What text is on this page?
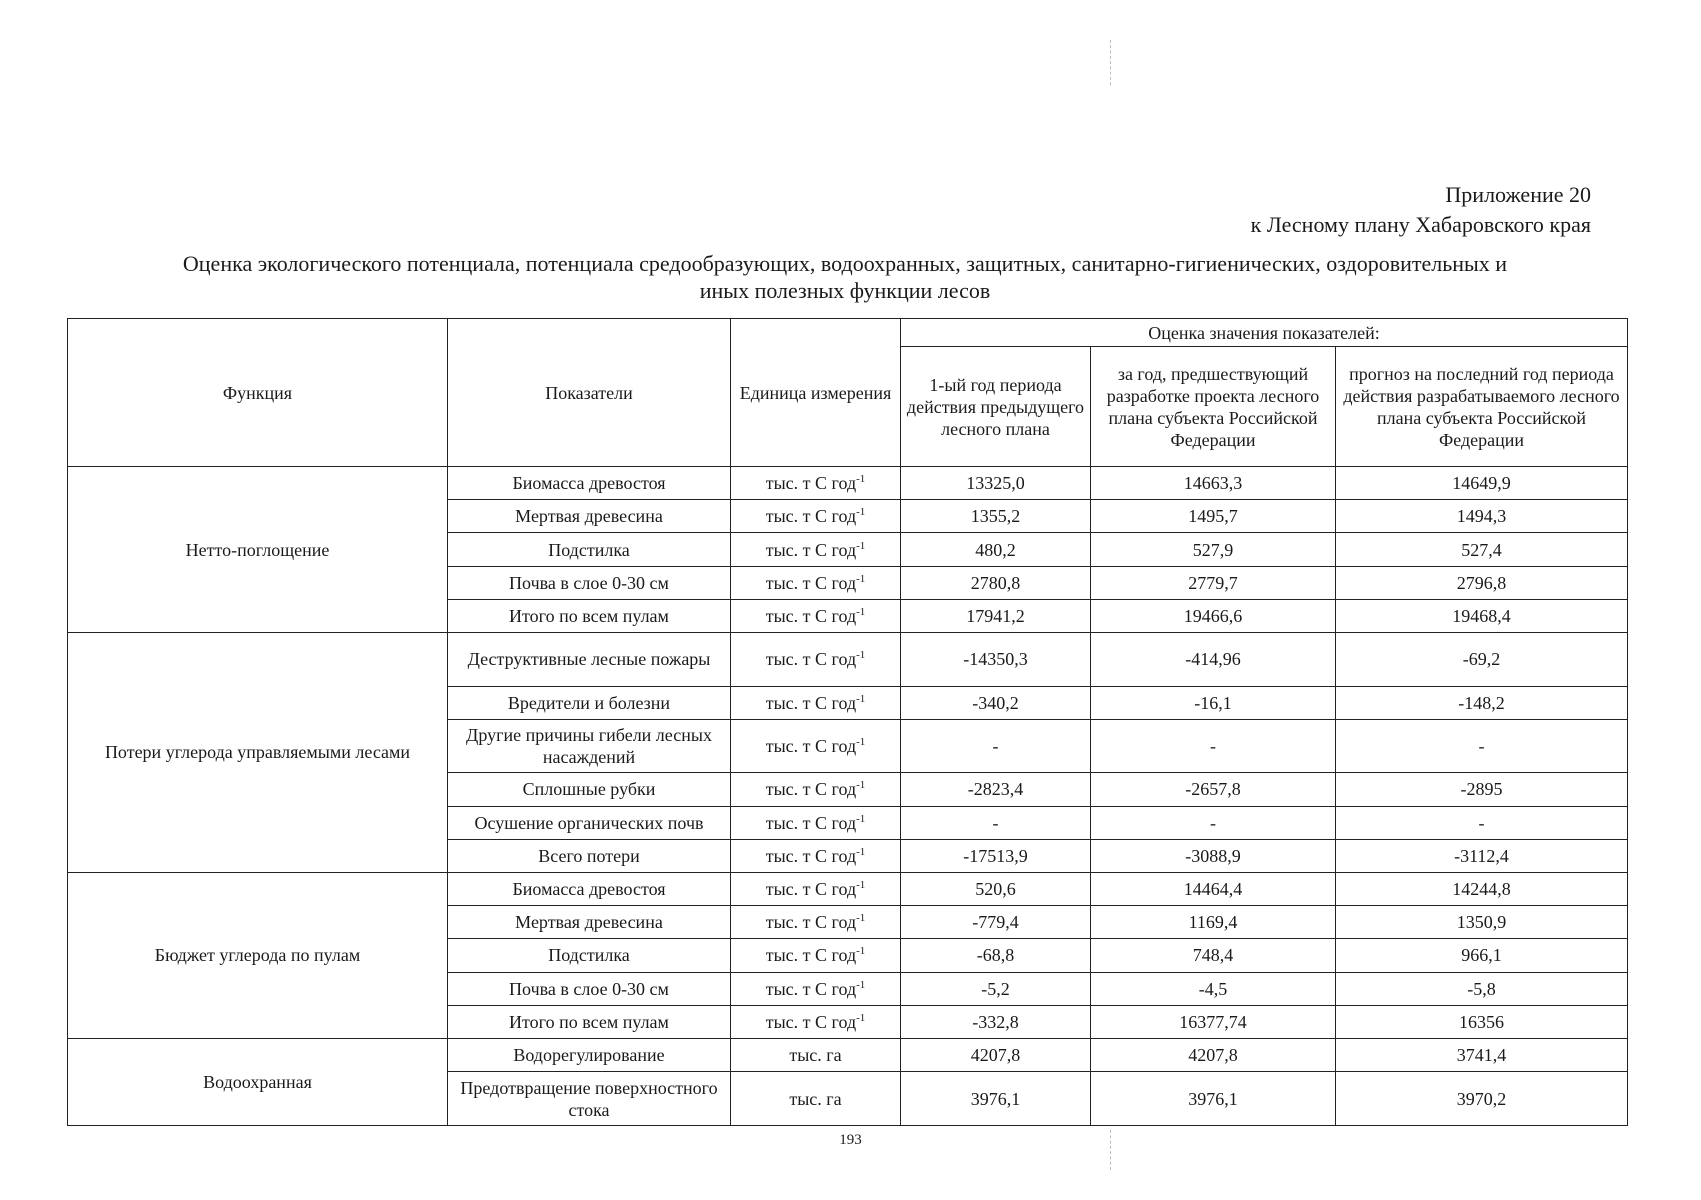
Приложение 20
к Лесному плану Хабаровского края
Оценка экологического потенциала, потенциала средообразующих, водоохранных, защитных, санитарно-гигиенических, оздоровительных и
иных полезных функции лесов
Функция	Показатели	Единица измерения	Оценка значения показателей:		
			1-ый год периода действия предыдущего лесного плана	за год, предшествующий разработке проекта лесного плана субъекта Российской Федерации	прогноз на последний год периода действия разрабатываемого лесного плана субъекта Российской Федерации
Нетто-поглощение	Биомасса древостоя	тыс. т С год$^{-1}$	13325,0	14663,3	14649,9
	Мертвая древесина	тыс. т С год$^{-1}$	1355,2	1495,7	1494,3
	Подстилка	тыс. т С год$^{-1}$	480,2	527,9	527,4
	Почва в слое 0-30 см	тыс. т С год$^{-1}$	2780,8	2779,7	2796,8
	Итого по всем пулам	тыс. т С год$^{-1}$	17941,2	19466,6	19468,4
Потери углерода управляемыми лесами	Деструктивные лесные пожары	тыс. т С год$^{-1}$	-14350,3	-414,96	-69,2
	Вредители и болезни	тыс. т С год$^{-1}$	-340,2	-16,1	-148,2
	Другие причины гибели лесных насаждений	тыс. т С год$^{-1}$	-	-	-
	Сплошные рубки	тыс. т С год$^{-1}$	-2823,4	-2657,8	-2895
	Осушение органических почв	тыс. т С год$^{-1}$	-	-	-
	Всего потери	тыс. т С год$^{-1}$	-17513,9	-3088,9	-3112,4
Бюджет углерода по пулам	Биомасса древостоя	тыс. т С год$^{-1}$	520,6	14464,4	14244,8
	Мертвая древесина	тыс. т С год$^{-1}$	-779,4	1169,4	1350,9
	Подстилка	тыс. т С год$^{-1}$	-68,8	748,4	966,1
	Почва в слое 0-30 см	тыс. т С год$^{-1}$	-5,2	-4,5	-5,8
	Итого по всем пулам	тыс. т С год$^{-1}$	-332,8	16377,74	16356
Водоохранная	Водорегулирование	тыс. га	4207,8	4207,8	3741,4
	Предотвращение поверхностного стока	тыс. га	3976,1	3976,1	3970,2
193
